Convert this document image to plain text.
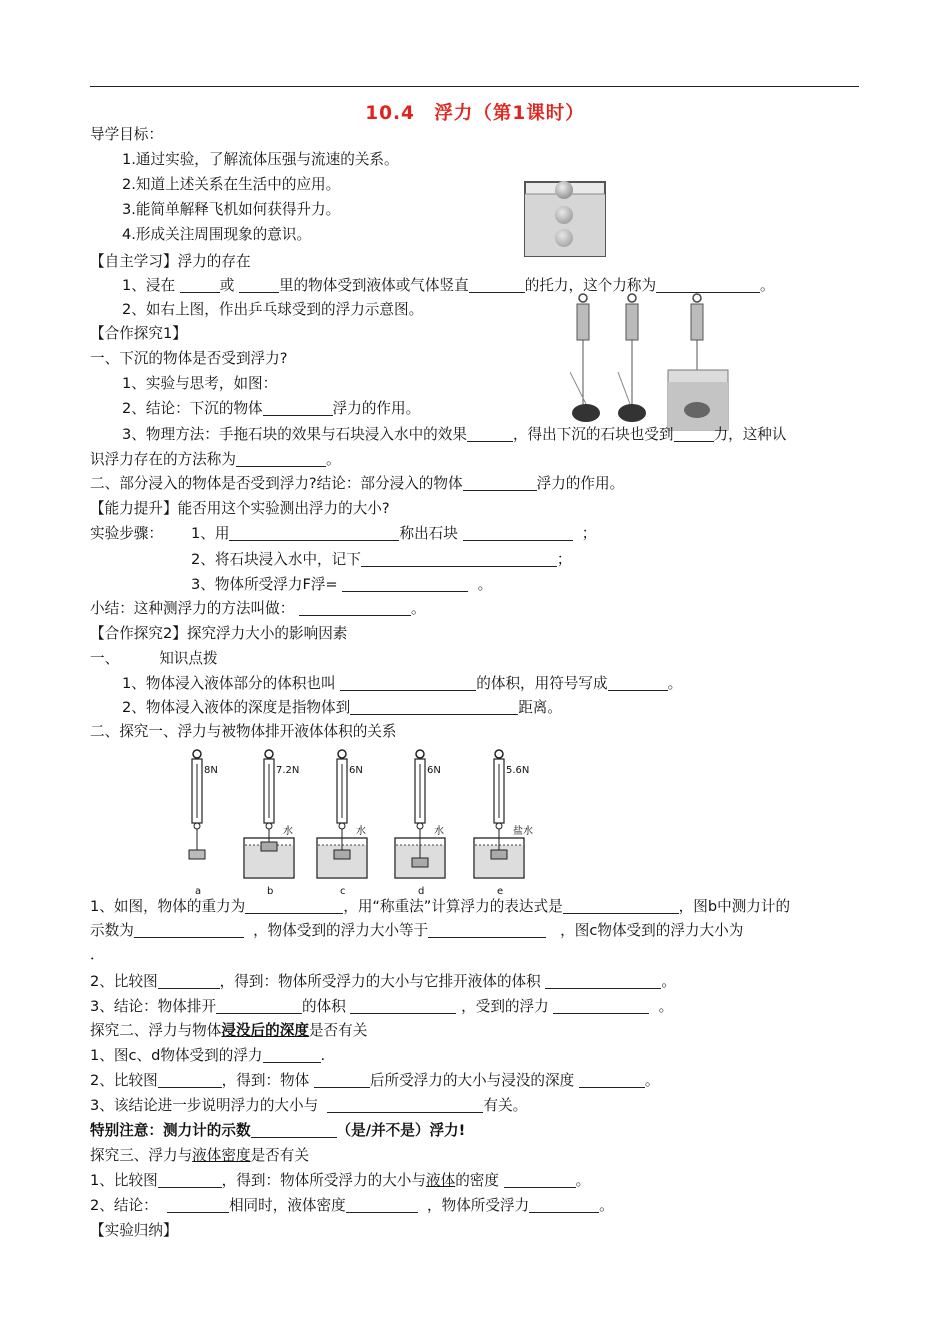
10.4　浮力（第1课时）
导学目标：
1.通过实验，了解流体压强与流速的关系。
2.知道上述关系在生活中的应用。
3.能简单解释飞机如何获得升力。
4.形成关注周围现象的意识。
【自主学习】浮力的存在
1、浸在	或	里的物体受到液体或气体竖直	的托力，这个力称为	。
2、如右上图，作出乒乓球受到的浮力示意图。
【合作探究1】
一、下沉的物体是否受到浮力?
1、实验与思考，如图：
2、结论：下沉的物体	浮力的作用。
3、物理方法：手拖石块的效果与石块浸入水中的效果	，得出下沉的石块也受到	力，这种认
识浮力存在的方法称为	。
二、部分浸入的物体是否受到浮力?结论：部分浸入的物体	浮力的作用。
【能力提升】能否用这个实验测出浮力的大小?
实验步骤： 1、用	称出石块	；
2、将石块浸入水中，记下	；
3、物体所受浮力F浮=	。
小结：这种测浮力的方法叫做：	。
【合作探究2】探究浮力大小的影响因素
一、	知识点拨
1、物体浸入液体部分的体积也叫	的体积，用符号写成	。
2、物体浸入液体的深度是指物体到	距离。
二、探究一、浮力与被物体排开液体体积的关系
8N
a
7.2N
水
b
6N
水
c
6N
水
d
5.6N
盐水
e
1、如图，物体的重力为	，用“称重法”计算浮力的表达式是	，图b中测力计的
示数为	，物体受到的浮力大小等于	，图c物体受到的浮力大小为
．
2、比较图	，得到：物体所受浮力的大小与它排开液体的体积	。
3、结论：物体排开	的体积	，受到的浮力	。
探究二、浮力与物体浸没后的深度是否有关
1、图c、d物体受到的浮力	.
2、比较图	，得到：物体	后所受浮力的大小与浸没的深度	。
3、该结论进一步说明浮力的大小与	有关。
特别注意：测力计的示数	（是/并不是）浮力!
探究三、浮力与液体密度是否有关
1、比较图	，得到：物体所受浮力的大小与液体的密度	。
2、结论：	相同时，液体密度	，物体所受浮力	。
【实验归纳】
